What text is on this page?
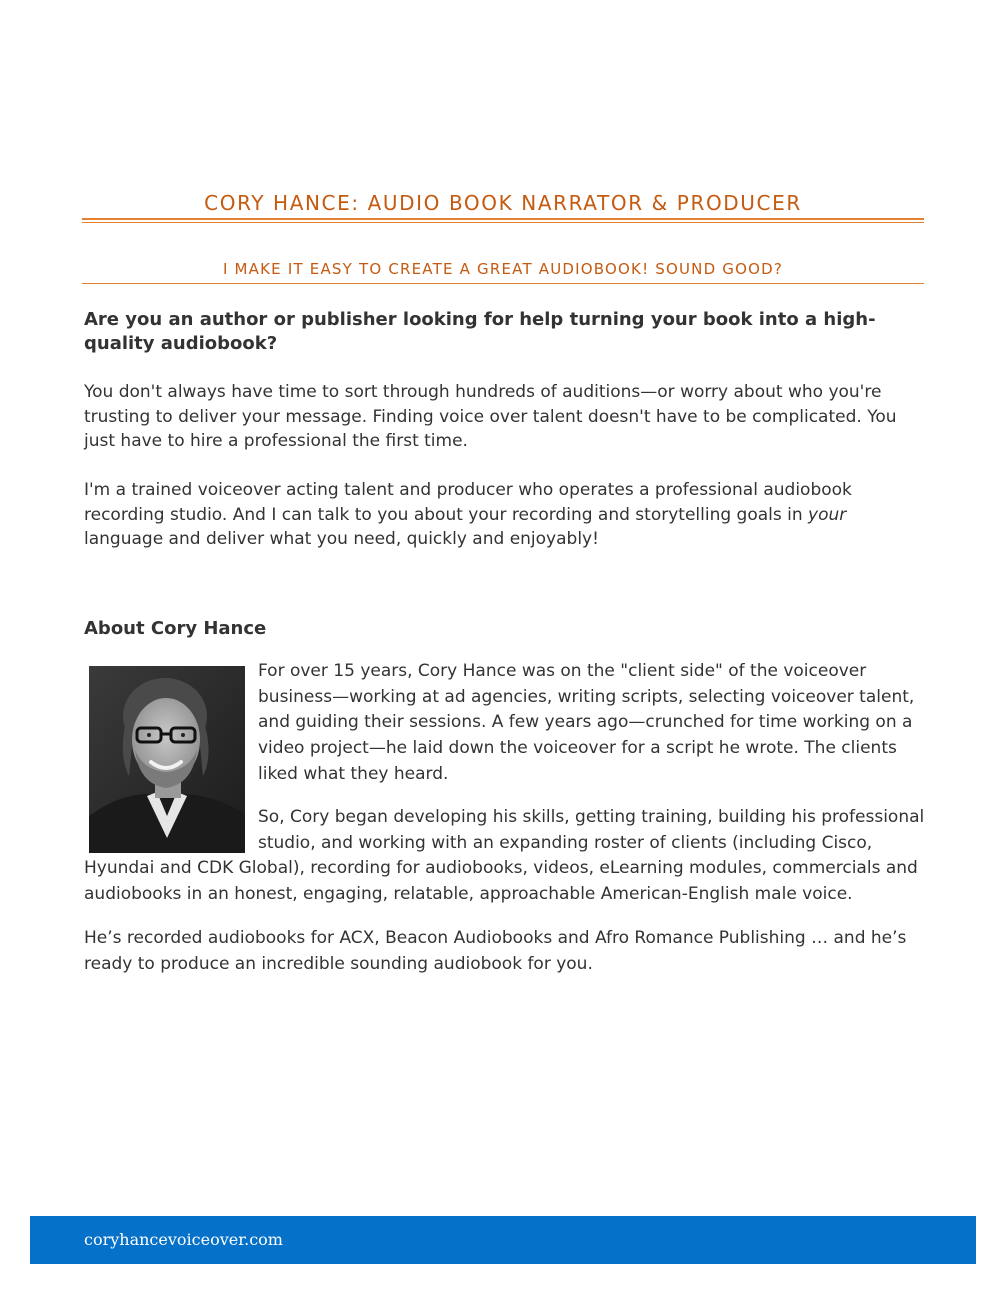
CORY HANCE: AUDIO BOOK NARRATOR & PRODUCER
I MAKE IT EASY TO CREATE A GREAT AUDIOBOOK! SOUND GOOD?
Are you an author or publisher looking for help turning your book into a high-quality audiobook?
You don't always have time to sort through hundreds of auditions—or worry about who you're trusting to deliver your message. Finding voice over talent doesn't have to be complicated. You just have to hire a professional the first time.
I'm a trained voiceover acting talent and producer who operates a professional audiobook recording studio. And I can talk to you about your recording and storytelling goals in your language and deliver what you need, quickly and enjoyably!
About Cory Hance
For over 15 years, Cory Hance was on the "client side" of the voiceover business—working at ad agencies, writing scripts, selecting voiceover talent, and guiding their sessions. A few years ago—crunched for time working on a video project—he laid down the voiceover for a script he wrote. The clients liked what they heard.
So, Cory began developing his skills, getting training, building his professional studio, and working with an expanding roster of clients (including Cisco,
Hyundai and CDK Global), recording for audiobooks, videos, eLearning modules, commercials and audiobooks in an honest, engaging, relatable, approachable American-English male voice.
He’s recorded audiobooks for ACX, Beacon Audiobooks and Afro Romance Publishing … and he’s ready to produce an incredible sounding audiobook for you.
coryhancevoiceover.com
